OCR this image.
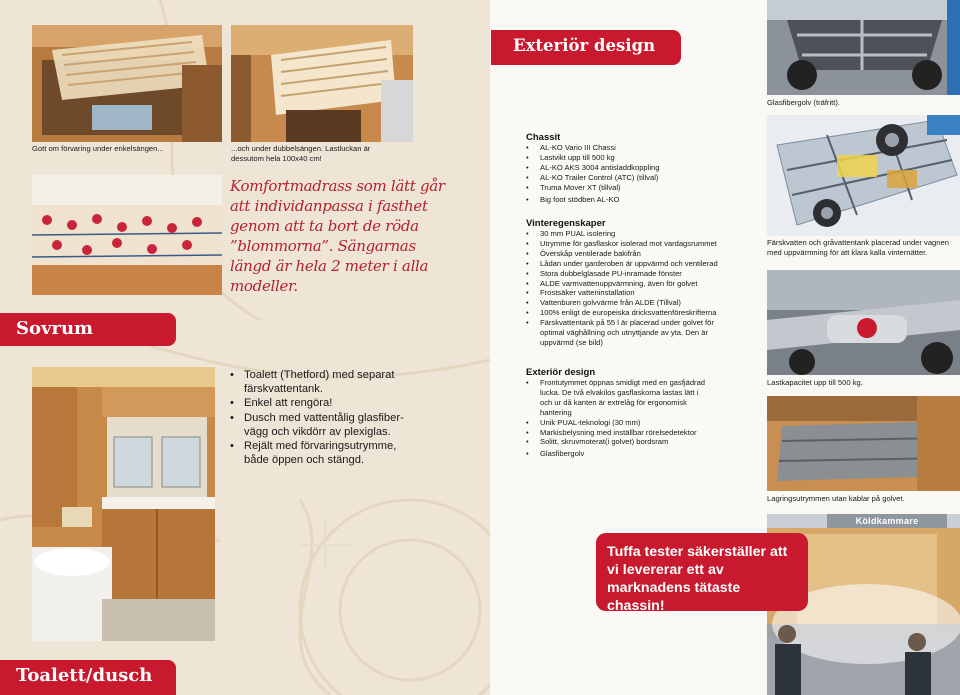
Gott om förvaring under enkelsängen...	...och under dubbelsängen. Lastluckan är dessutom hela 100x40 cm!
Komfortmadrass som lätt går att individanpassa i fasthet genom att ta bort de röda ”blommorna”. Sängarnas längd är hela 2 meter i alla modeller.
Sovrum
• Toalett (Thetford) med separat färskvattentank.
• Enkel att rengöra!
• Dusch med vattentålig glasfibervägg och vikdörr av plexiglas.
• Rejält med förvaringsutrymme, både öppen och stängd.
Toalett/dusch
Exteriör design
Chassit
• AL-KO Vario III Chassi
• Lastvikt upp till 500 kg
• AL-KO AKS 3004 antisladdkoppling
• AL-KO Trailer Control (ATC) (tillval)
• Truma Mover XT (tillval)
• Big foot stödben AL-KO
Vinteregenskaper
• 30 mm PUAL isolering
• Utrymme för gasflaskor isolerad mot vardagsrummet
• Överskåp ventilerade bakifrån
• Lådan under garderoben är uppvärmd och ventilerad
• Stora dubbelglasade PU-inramade fönster
• ALDE varmvattenuppvärmning, även för golvet
• Frostsäker vatteninstallation
• Vattenburen golvvärme från ALDE (Tillval)
• 100% enligt de europeiska dricksvattenföreskrifterna
• Färskvattentank på 55 l är placerad under golvet för optimal väghållning och utnyttjande av yta. Den är uppvärmd (se bild)
Exteriör design
• Frontutymmet öppnas smidigt med en gasfjädrad lucka. De två elvakilos gasflaskorna lastas lätt i och ur då kanten är extrelåg för ergonomisk hantering
• Unik PUAL-teknologi (30 mm)
• Markisbelysning med inställbar rörelsedetektor
• Solitt, skruvmoterat(i golvet) bordsram
• Glasfibergolv
Glasfibergolv (träfritt).
Färskvatten och gråvattentank placerad under vagnen med uppvärmning för att klara kalla vinternätter.
Lastkapacitet upp till 500 kg.
Lagringsutrymmen utan kablar på golvet.
Köldkammare
Tuffa tester säkerställer att vi levererar ett av marknadens tätaste chassin!
